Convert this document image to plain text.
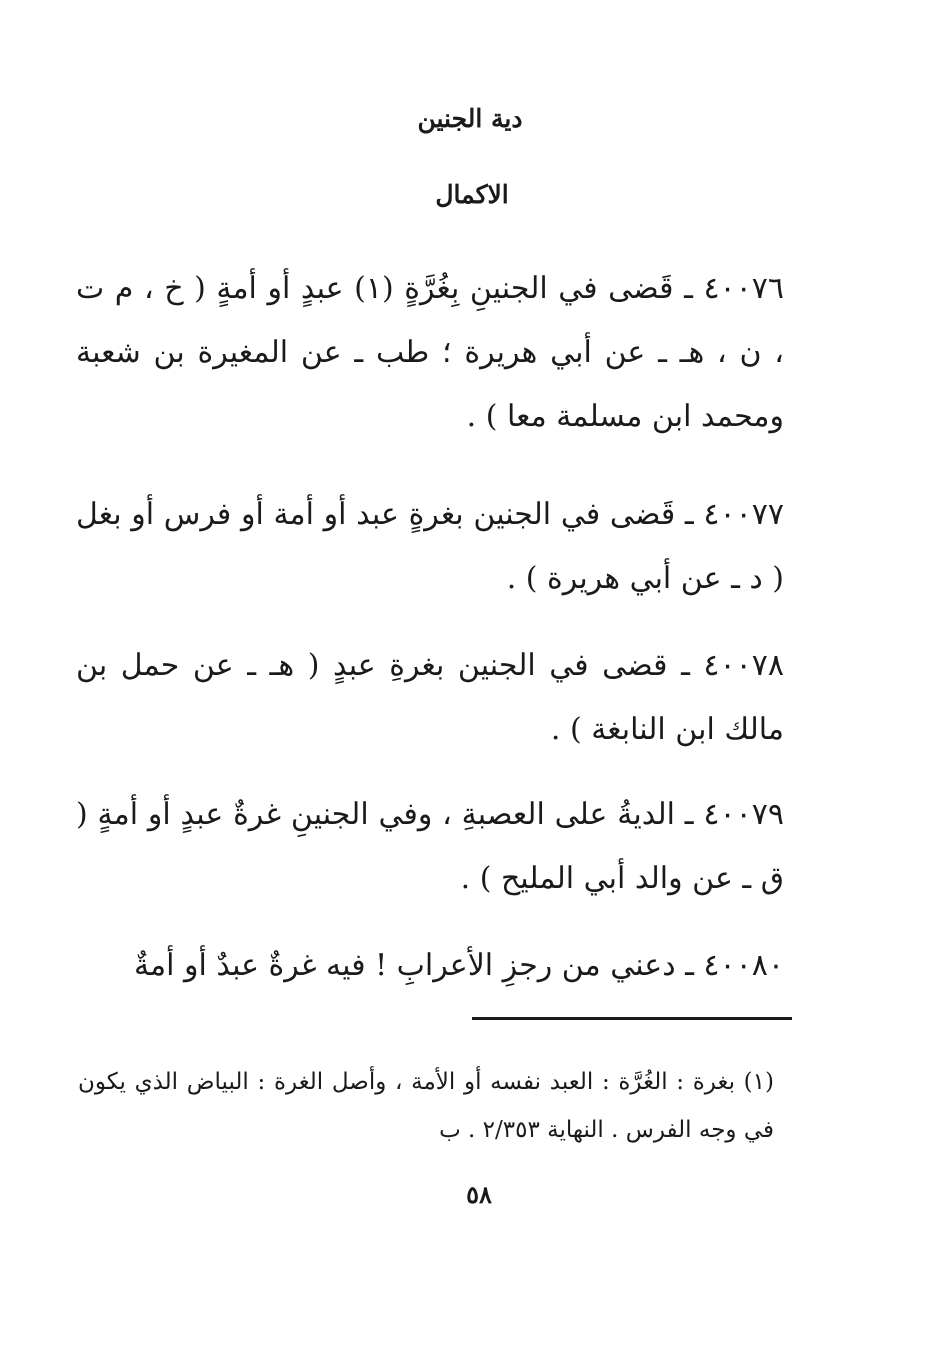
دية الجنين
الاكمال

٤٠٠٧٦ ـ قَضى في الجنينِ بِغُرَّةٍ (١) عبدٍ أو أمةٍ ( خ ، م ت ، ن ، هـ ـ عن أبي هريرة ؛ طب ـ عن المغيرة بن شعبة ومحمد ابن مسلمة معا ) .

٤٠٠٧٧ ـ قَضى في الجنين بغرةٍ عبد أو أمة أو فرس أو بغل ( د ـ عن أبي هريرة ) .

٤٠٠٧٨ ـ قضى في الجنين بغرةِ عبدٍ ( هـ ـ عن حمل بن مالك ابن النابغة ) .

٤٠٠٧٩ ـ الديةُ على العصبةِ ، وفي الجنينِ غرةٌ عبدٍ أو أمةٍ ( ق ـ عن والد أبي المليح ) .

٤٠٠٨٠ ـ دعني من رجزِ الأعرابِ ! فيه غرةٌ عبدٌ أو أمةٌ

(١) بغرة : الغُرَّة : العبد نفسه أو الأمة ، وأصل الغرة : البياض الذي يكون في وجه الفرس . النهاية ٢/٣٥٣ . ب

٥٨
